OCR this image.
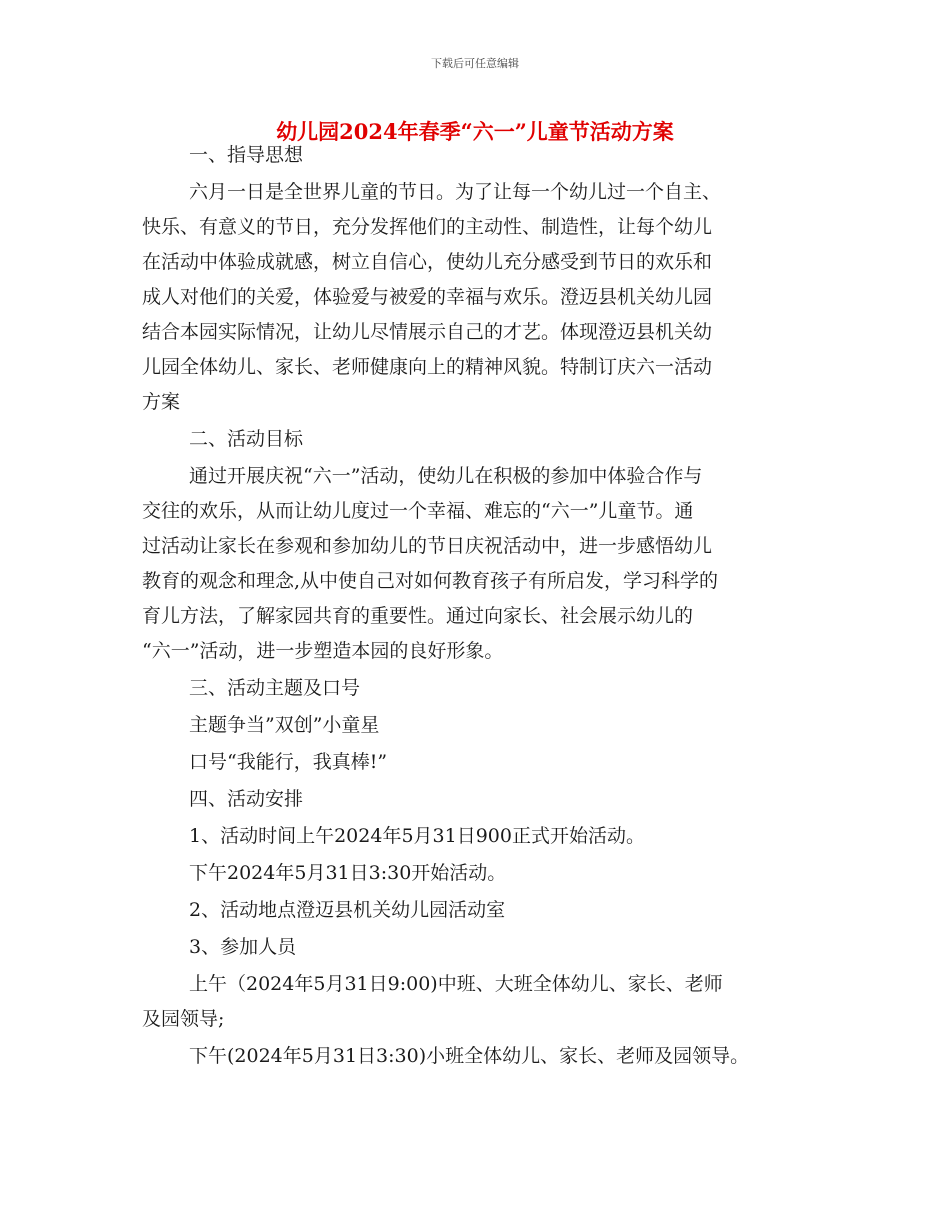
下载后可任意编辑
幼儿园2024年春季“六一”儿童节活动方案

一、指导思想

六月一日是全世界儿童的节日。为了让每一个幼儿过一个自主、

快乐、有意义的节日，充分发挥他们的主动性、制造性，让每个幼儿

在活动中体验成就感，树立自信心，使幼儿充分感受到节日的欢乐和

成人对他们的关爱，体验爱与被爱的幸福与欢乐。澄迈县机关幼儿园

结合本园实际情况，让幼儿尽情展示自己的才艺。体现澄迈县机关幼

儿园全体幼儿、家长、老师健康向上的精神风貌。特制订庆六一活动

方案

二、活动目标

通过开展庆祝“六一”活动，使幼儿在积极的参加中体验合作与

交往的欢乐，从而让幼儿度过一个幸福、难忘的“六一”儿童节。通

过活动让家长在参观和参加幼儿的节日庆祝活动中，进一步感悟幼儿

教育的观念和理念,从中使自己对如何教育孩子有所启发，学习科学的

育儿方法，了解家园共育的重要性。通过向家长、社会展示幼儿的

“六一”活动，进一步塑造本园的良好形象。

三、活动主题及口号

主题争当”双创”小童星

口号“我能行，我真棒!”

四、活动安排

1、活动时间上午2024年5月31日900正式开始活动。

下午2024年5月31日3:30开始活动。

2、活动地点澄迈县机关幼儿园活动室

3、参加人员

上午（2024年5月31日9:00)中班、大班全体幼儿、家长、老师

及园领导;

下午(2024年5月31日3:30)小班全体幼儿、家长、老师及园领导。
